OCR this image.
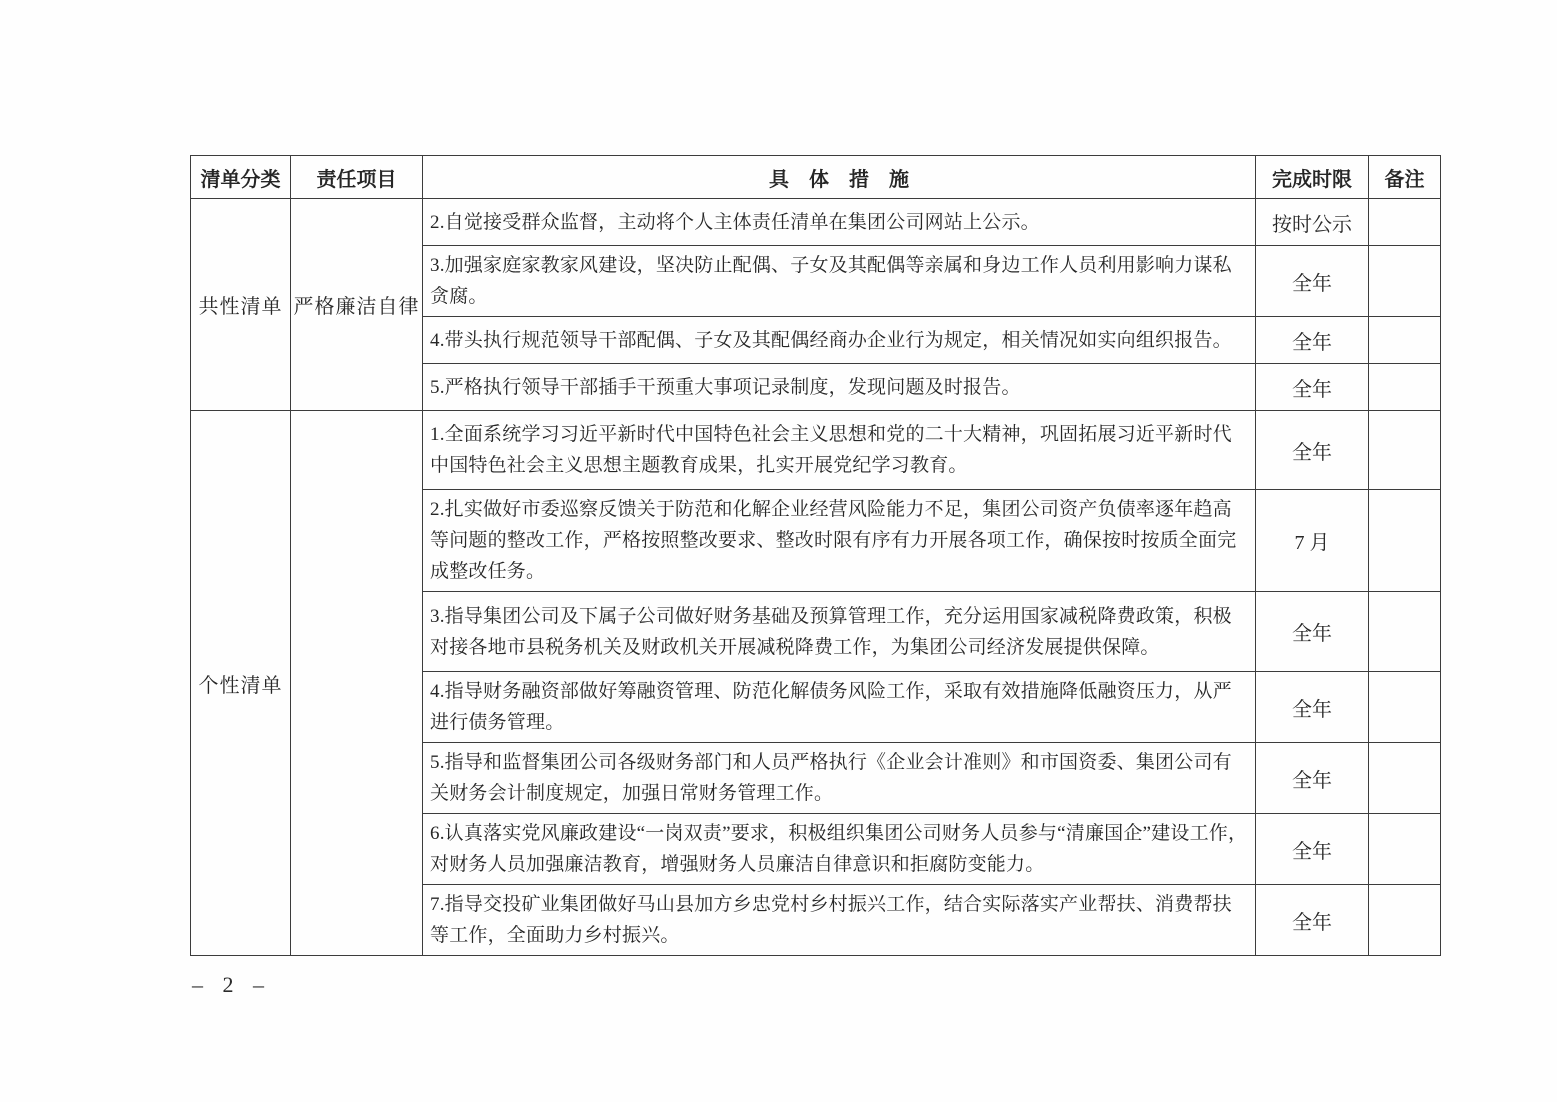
清单分类	责任项目	具　体　措　施	完成时限	备注
共性清单	严格廉洁自律	2.自觉接受群众监督，主动将个人主体责任清单在集团公司网站上公示。	按时公示	
		3.加强家庭家教家风建设，坚决防止配偶、子女及其配偶等亲属和身边工作人员利用影响力谋私贪腐。	全年	
		4.带头执行规范领导干部配偶、子女及其配偶经商办企业行为规定，相关情况如实向组织报告。	全年	
		5.严格执行领导干部插手干预重大事项记录制度，发现问题及时报告。	全年	
个性清单		1.全面系统学习习近平新时代中国特色社会主义思想和党的二十大精神，巩固拓展习近平新时代中国特色社会主义思想主题教育成果，扎实开展党纪学习教育。	全年	
		2.扎实做好市委巡察反馈关于防范和化解企业经营风险能力不足，集团公司资产负债率逐年趋高等问题的整改工作，严格按照整改要求、整改时限有序有力开展各项工作，确保按时按质全面完成整改任务。	7 月	
		3.指导集团公司及下属子公司做好财务基础及预算管理工作，充分运用国家减税降费政策，积极对接各地市县税务机关及财政机关开展减税降费工作，为集团公司经济发展提供保障。	全年	
		4.指导财务融资部做好筹融资管理、防范化解债务风险工作，采取有效措施降低融资压力，从严进行债务管理。	全年	
		5.指导和监督集团公司各级财务部门和人员严格执行《企业会计准则》和市国资委、集团公司有关财务会计制度规定，加强日常财务管理工作。	全年	
		6.认真落实党风廉政建设“一岗双责”要求，积极组织集团公司财务人员参与“清廉国企”建设工作，对财务人员加强廉洁教育，增强财务人员廉洁自律意识和拒腐防变能力。	全年	
		7.指导交投矿业集团做好马山县加方乡忠党村乡村振兴工作，结合实际落实产业帮扶、消费帮扶等工作，全面助力乡村振兴。	全年	
– 2 –
